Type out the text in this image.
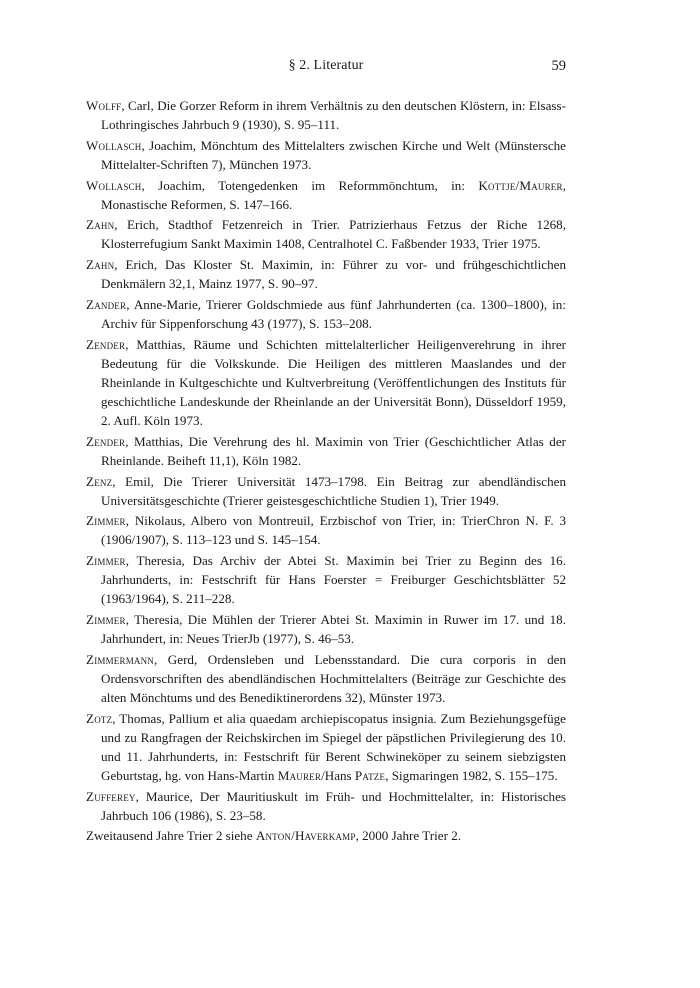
§ 2. Literatur	59

Wolff, Carl, Die Gorzer Reform in ihrem Verhältnis zu den deutschen Klöstern, in: Elsass-Lothringisches Jahrbuch 9 (1930), S. 95–111.

Wollasch, Joachim, Mönchtum des Mittelalters zwischen Kirche und Welt (Münstersche Mittelalter-Schriften 7), München 1973.

Wollasch, Joachim, Totengedenken im Reformmönchtum, in: Kottje/Maurer, Monastische Reformen, S. 147–166.

Zahn, Erich, Stadthof Fetzenreich in Trier. Patrizierhaus Fetzus der Riche 1268, Klosterrefugium Sankt Maximin 1408, Centralhotel C. Faßbender 1933, Trier 1975.

Zahn, Erich, Das Kloster St. Maximin, in: Führer zu vor- und frühgeschichtlichen Denkmälern 32,1, Mainz 1977, S. 90–97.

Zander, Anne-Marie, Trierer Goldschmiede aus fünf Jahrhunderten (ca. 1300–1800), in: Archiv für Sippenforschung 43 (1977), S. 153–208.

Zender, Matthias, Räume und Schichten mittelalterlicher Heiligenverehrung in ihrer Bedeutung für die Volkskunde. Die Heiligen des mittleren Maaslandes und der Rheinlande in Kultgeschichte und Kultverbreitung (Veröffentlichungen des Instituts für geschichtliche Landeskunde der Rheinlande an der Universität Bonn), Düsseldorf 1959, 2. Aufl. Köln 1973.

Zender, Matthias, Die Verehrung des hl. Maximin von Trier (Geschichtlicher Atlas der Rheinlande. Beiheft 11,1), Köln 1982.

Zenz, Emil, Die Trierer Universität 1473–1798. Ein Beitrag zur abendländischen Universitätsgeschichte (Trierer geistesgeschichtliche Studien 1), Trier 1949.

Zimmer, Nikolaus, Albero von Montreuil, Erzbischof von Trier, in: TrierChron N. F. 3 (1906/1907), S. 113–123 und S. 145–154.

Zimmer, Theresia, Das Archiv der Abtei St. Maximin bei Trier zu Beginn des 16. Jahrhunderts, in: Festschrift für Hans Foerster = Freiburger Geschichtsblätter 52 (1963/1964), S. 211–228.

Zimmer, Theresia, Die Mühlen der Trierer Abtei St. Maximin in Ruwer im 17. und 18. Jahrhundert, in: Neues TrierJb (1977), S. 46–53.

Zimmermann, Gerd, Ordensleben und Lebensstandard. Die cura corporis in den Ordensvorschriften des abendländischen Hochmittelalters (Beiträge zur Geschichte des alten Mönchtums und des Benediktinerordens 32), Münster 1973.

Zotz, Thomas, Pallium et alia quaedam archiepiscopatus insignia. Zum Beziehungsgefüge und zu Rangfragen der Reichskirchen im Spiegel der päpstlichen Privilegierung des 10. und 11. Jahrhunderts, in: Festschrift für Berent Schwineköper zu seinem siebzigsten Geburtstag, hg. von Hans-Martin Maurer/Hans Patze, Sigmaringen 1982, S. 155–175.

Zufferey, Maurice, Der Mauritiuskult im Früh- und Hochmittelalter, in: Historisches Jahrbuch 106 (1986), S. 23–58.

Zweitausend Jahre Trier 2 siehe Anton/Haverkamp, 2000 Jahre Trier 2.
